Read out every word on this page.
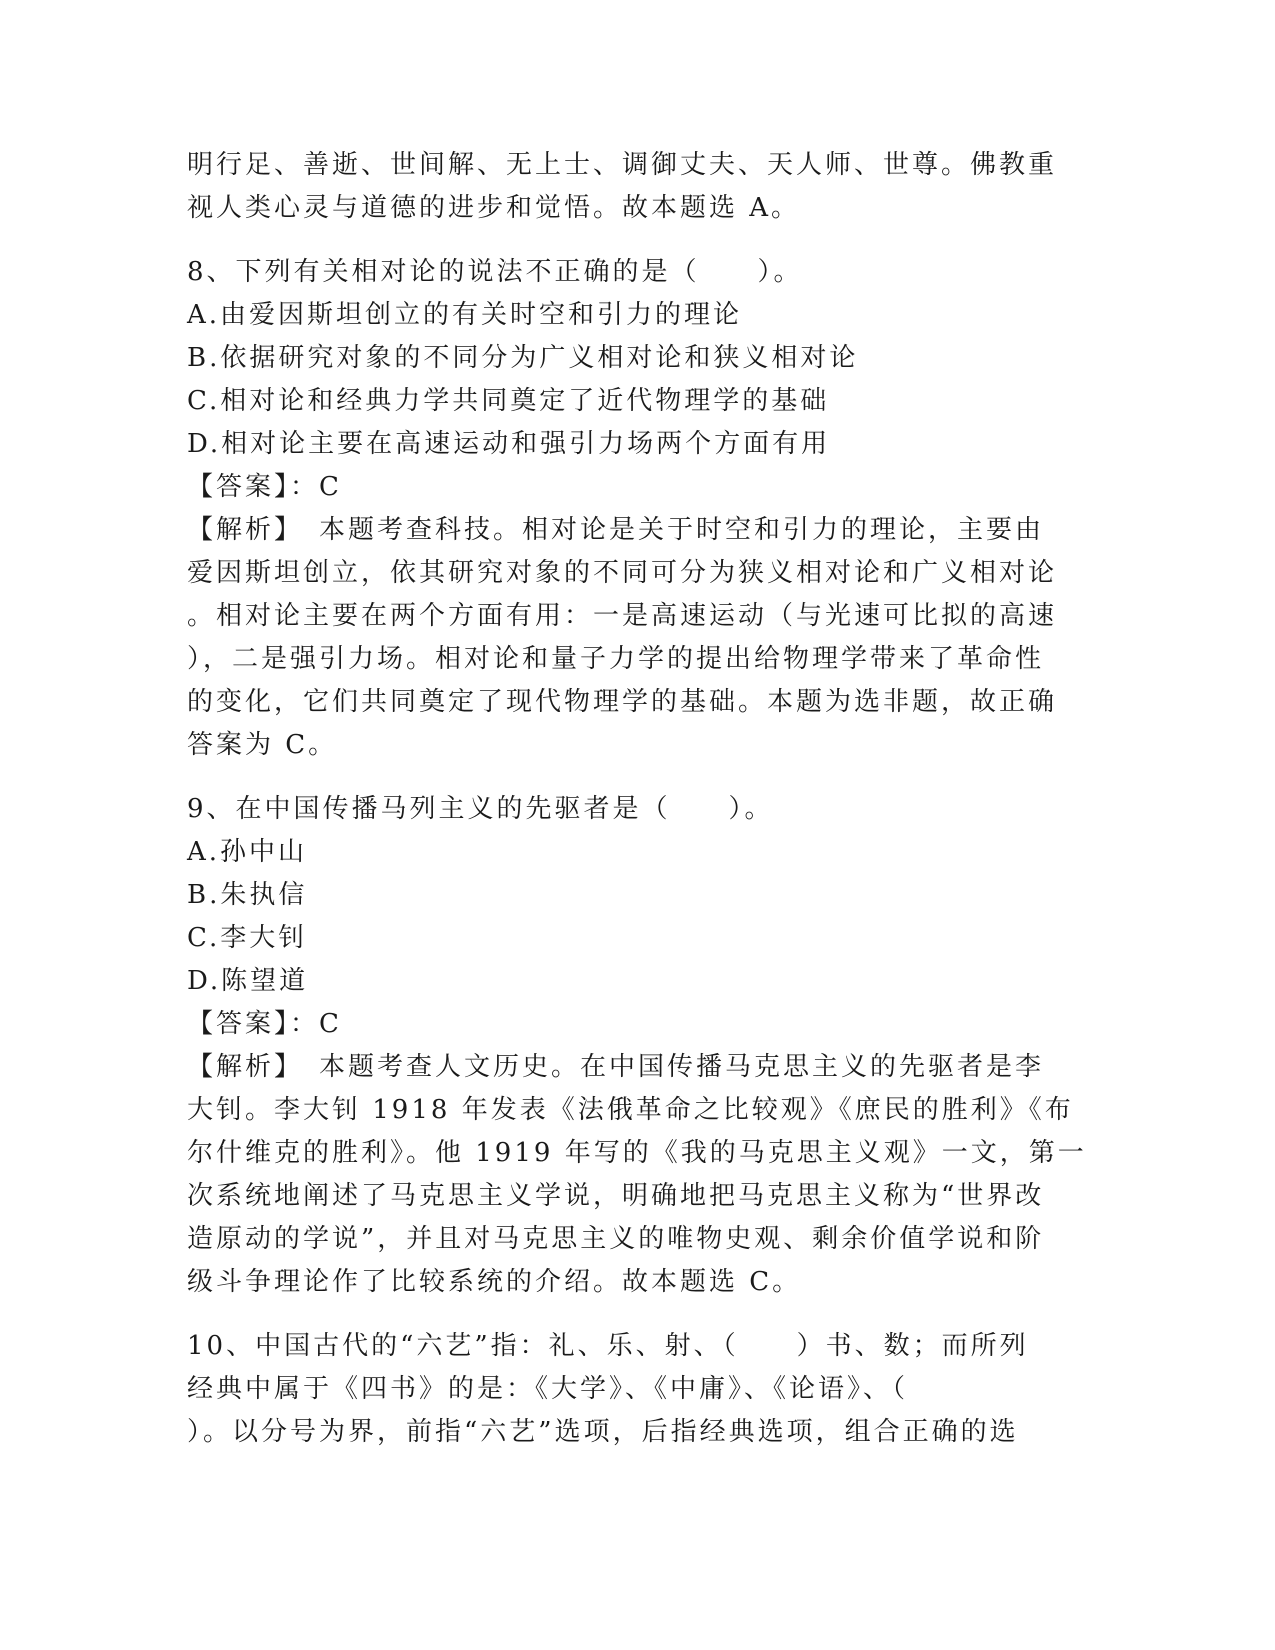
明行足、善逝、世间解、无上士、调御丈夫、天人师、世尊。佛教重
视人类心灵与道德的进步和觉悟。故本题选 A。
8、下列有关相对论的说法不正确的是（　　）。
A.由爱因斯坦创立的有关时空和引力的理论
B.依据研究对象的不同分为广义相对论和狭义相对论
C.相对论和经典力学共同奠定了近代物理学的基础
D.相对论主要在高速运动和强引力场两个方面有用
【答案】：C
【解析】　本题考查科技。相对论是关于时空和引力的理论，主要由
爱因斯坦创立，依其研究对象的不同可分为狭义相对论和广义相对论
。相对论主要在两个方面有用：一是高速运动（与光速可比拟的高速
），二是强引力场。相对论和量子力学的提出给物理学带来了革命性
的变化，它们共同奠定了现代物理学的基础。本题为选非题，故正确
答案为 C。
9、在中国传播马列主义的先驱者是（　　）。
A.孙中山
B.朱执信
C.李大钊
D.陈望道
【答案】：C
【解析】　本题考查人文历史。在中国传播马克思主义的先驱者是李
大钊。李大钊 1918 年发表《法俄革命之比较观》《庶民的胜利》《布
尔什维克的胜利》。他 1919 年写的《我的马克思主义观》一文，第一
次系统地阐述了马克思主义学说，明确地把马克思主义称为“世界改
造原动的学说”，并且对马克思主义的唯物史观、剩余价值学说和阶
级斗争理论作了比较系统的介绍。故本题选 C。
10、中国古代的“六艺”指：礼、乐、射、（　　）书、数；而所列
经典中属于《四书》的是：《大学》、《中庸》、《论语》、（
）。以分号为界，前指“六艺”选项，后指经典选项，组合正确的选
